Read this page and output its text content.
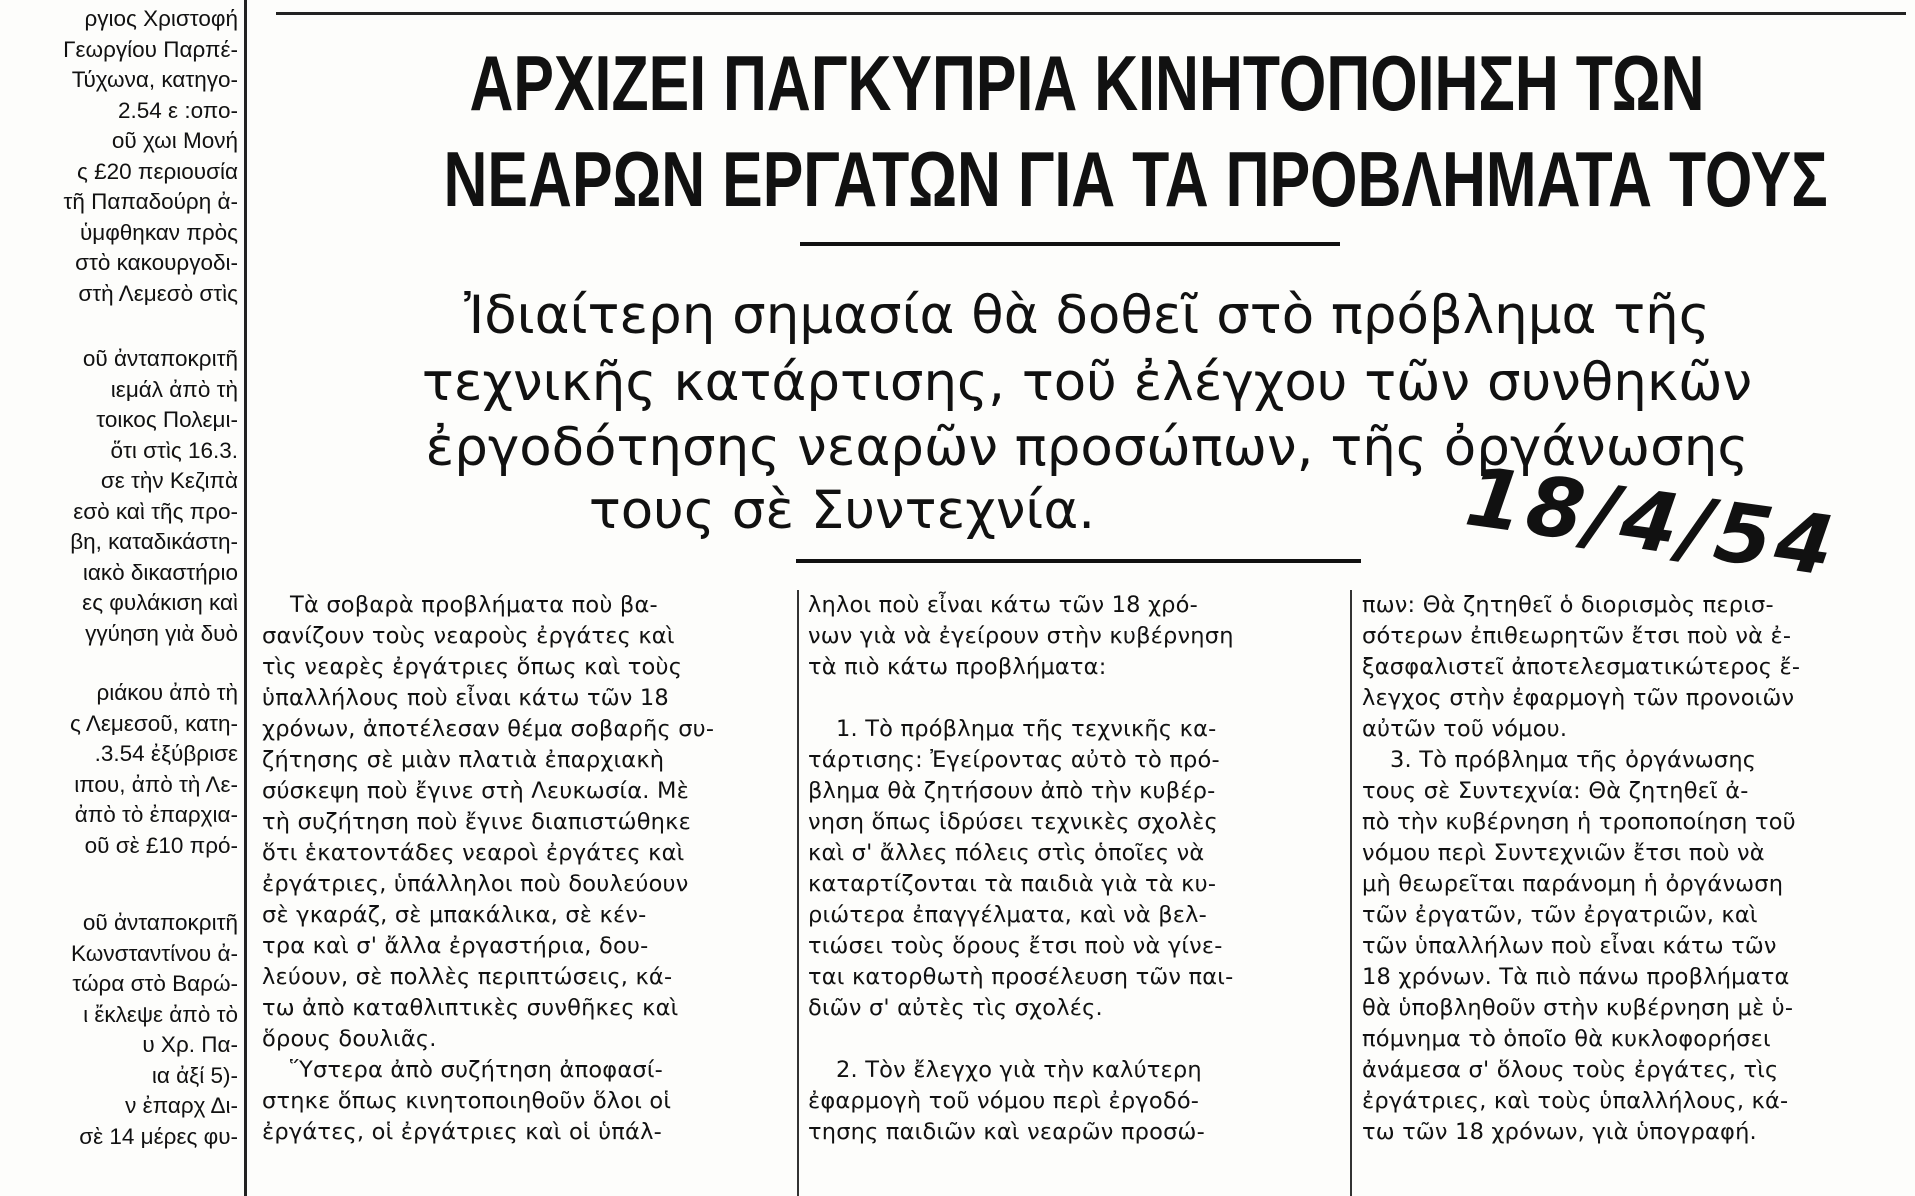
ργιος Χριστοφή
Γεωργίου Παρπέ-
Τύχωνα, κατηγο-
2.54 ε :οπο-
οῦ χωι Μονή
ς £20 περιουσία
τῆ Παπαδούρη ἀ-
ὑμφθηκαν πρὸς
στὸ κακουργοδι-
στὴ Λεμεσὸ στὶς
οῦ ἀνταποκριτῆ
ιεμάλ ἀπὸ τὴ
τοικος Πολεμι-
ὅτι στὶς 16.3.
σε τὴν Κεζιπὰ
εσὸ καὶ τῆς προ-
βη, καταδικάστη-
ιακὸ δικαστήριο
ες φυλάκιση καὶ
γγύηση γιὰ δυὸ
ριάκου ἀπὸ τὴ
ς Λεμεσοῦ, κατη-
.3.54 ἐξύβρισε
ιπου, ἀπὸ τὴ Λε-
ἀπὸ τὸ ἐπαρχια-
οῦ σὲ £10 πρό-
οῦ ἀνταποκριτῆ
Κωνσταντίνου ἀ-
τώρα στὸ Βαρώ-
ι ἔκλεψε ἀπὸ τὸ
υ Χρ. Πα-
ια ἀξί 5)-
ν ἐπαρχ Δι-
σὲ 14 μέρες φυ-
ΑΡΧΙΖΕΙ ΠΑΓΚΥΠΡΙΑ ΚΙΝΗΤΟΠΟΙΗΣΗ ΤΩΝ
ΝΕΑΡΩΝ ΕΡΓΑΤΩΝ ΓΙΑ ΤΑ ΠΡΟΒΛΗΜΑΤΑ ΤΟΥΣ
Ἰδιαίτερη σημασία θὰ δοθεῖ στὸ πρόβλημα τῆς
τεχνικῆς κατάρτισης, τοῦ ἐλέγχου τῶν συνθηκῶν
ἐργοδότησης νεαρῶν προσώπων, τῆς ὀργάνωσης
τους σὲ Συντεχνία.	18/4/54
Τὰ σοβαρὰ προβλήματα ποὺ βα-
σανίζουν τοὺς νεαροὺς ἐργάτες καὶ
τὶς νεαρὲς ἐργάτριες ὅπως καὶ τοὺς
ὑπαλλήλους ποὺ εἶναι κάτω τῶν 18
χρόνων, ἀποτέλεσαν θέμα σοβαρῆς συ-
ζήτησης σὲ μιὰν πλατιὰ ἐπαρχιακὴ
σύσκεψη ποὺ ἔγινε στὴ Λευκωσία. Μὲ
τὴ συζήτηση ποὺ ἔγινε διαπιστώθηκε
ὅτι ἑκατοντάδες νεαροὶ ἐργάτες καὶ
ἐργάτριες, ὑπάλληλοι ποὺ δουλεύουν
σὲ γκαράζ, σὲ μπακάλικα, σὲ κέν-
τρα καὶ σ' ἄλλα ἐργαστήρια, δου-
λεύουν, σὲ πολλὲς περιπτώσεις, κά-
τω ἀπὸ καταθλιπτικὲς συνθῆκες καὶ
ὅρους δουλιᾶς.
Ὕστερα ἀπὸ συζήτηση ἀποφασί-
στηκε ὅπως κινητοποιηθοῦν ὅλοι οἱ
ἐργάτες, οἱ ἐργάτριες καὶ οἱ ὑπάλ-
ληλοι ποὺ εἶναι κάτω τῶν 18 χρό-
νων γιὰ νὰ ἐγείρουν στὴν κυβέρνηση
τὰ πιὸ κάτω προβλήματα:
1. Τὸ πρόβλημα τῆς τεχνικῆς κα-
τάρτισης: Ἐγείροντας αὐτὸ τὸ πρό-
βλημα θὰ ζητήσουν ἀπὸ τὴν κυβέρ-
νηση ὅπως ἱδρύσει τεχνικὲς σχολὲς
καὶ σ' ἄλλες πόλεις στὶς ὁποῖες νὰ
καταρτίζονται τὰ παιδιὰ γιὰ τὰ κυ-
ριώτερα ἐπαγγέλματα, καὶ νὰ βελ-
τιώσει τοὺς ὅρους ἔτσι ποὺ νὰ γίνε-
ται κατορθωτὴ προσέλευση τῶν παι-
διῶν σ' αὐτὲς τὶς σχολές.
2. Τὸν ἔλεγχο γιὰ τὴν καλύτερη
ἐφαρμογὴ τοῦ νόμου περὶ ἐργοδό-
τησης παιδιῶν καὶ νεαρῶν προσώ-
πων: Θὰ ζητηθεῖ ὁ διορισμὸς περισ-
σότερων ἐπιθεωρητῶν ἔτσι ποὺ νὰ ἐ-
ξασφαλιστεῖ ἀποτελεσματικώτερος ἔ-
λεγχος στὴν ἐφαρμογὴ τῶν προνοιῶν
αὐτῶν τοῦ νόμου.
3. Τὸ πρόβλημα τῆς ὀργάνωσης
τους σὲ Συντεχνία: Θὰ ζητηθεῖ ἀ-
πὸ τὴν κυβέρνηση ἡ τροποποίηση τοῦ
νόμου περὶ Συντεχνιῶν ἔτσι ποὺ νὰ
μὴ θεωρεῖται παράνομη ἡ ὀργάνωση
τῶν ἐργατῶν, τῶν ἐργατριῶν, καὶ
τῶν ὑπαλλήλων ποὺ εἶναι κάτω τῶν
18 χρόνων. Τὰ πιὸ πάνω προβλήματα
θὰ ὑποβληθοῦν στὴν κυβέρνηση μὲ ὑ-
πόμνημα τὸ ὁποῖο θὰ κυκλοφορήσει
ἀνάμεσα σ' ὅλους τοὺς ἐργάτες, τὶς
ἐργάτριες, καὶ τοὺς ὑπαλλήλους, κά-
τω τῶν 18 χρόνων, γιὰ ὑπογραφή.
